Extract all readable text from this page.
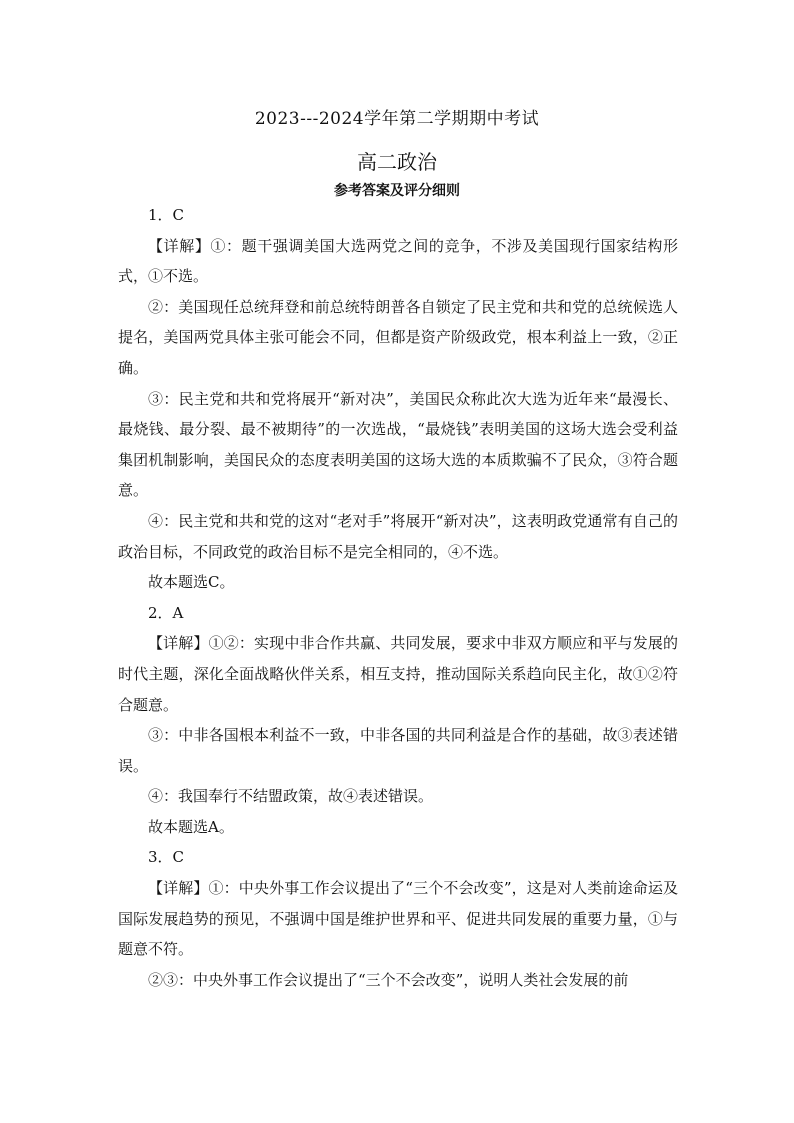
2023---2024学年第二学期期中考试
高二政治
参考答案及评分细则

1．C

【详解】①：题干强调美国大选两党之间的竞争，不涉及美国现行国家结构形式，①不选。

②：美国现任总统拜登和前总统特朗普各自锁定了民主党和共和党的总统候选人提名，美国两党具体主张可能会不同，但都是资产阶级政党，根本利益上一致，②正确。

③：民主党和共和党将展开“新对决”，美国民众称此次大选为近年来“最漫长、最烧钱、最分裂、最不被期待”的一次选战，“最烧钱”表明美国的这场大选会受利益集团机制影响，美国民众的态度表明美国的这场大选的本质欺骗不了民众，③符合题意。

④：民主党和共和党的这对“老对手”将展开“新对决”，这表明政党通常有自己的政治目标，不同政党的政治目标不是完全相同的，④不选。

故本题选C。

2．A

【详解】①②：实现中非合作共赢、共同发展，要求中非双方顺应和平与发展的时代主题，深化全面战略伙伴关系，相互支持，推动国际关系趋向民主化，故①②符合题意。

③：中非各国根本利益不一致，中非各国的共同利益是合作的基础，故③表述错误。

④：我国奉行不结盟政策，故④表述错误。

故本题选A。

3．C

【详解】①：中央外事工作会议提出了“三个不会改变”，这是对人类前途命运及国际发展趋势的预见，不强调中国是维护世界和平、促进共同发展的重要力量，①与题意不符。

②③：中央外事工作会议提出了“三个不会改变”，说明人类社会发展的前
